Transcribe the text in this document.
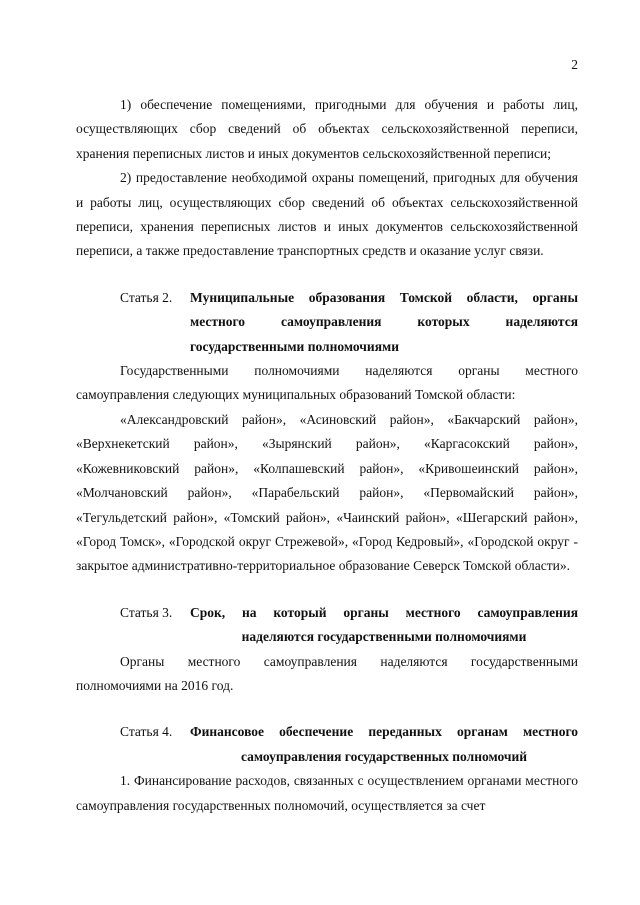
2

1) обеспечение помещениями, пригодными для обучения и работы лиц, осуществляющих сбор сведений об объектах сельскохозяйственной переписи, хранения переписных листов и иных документов сельскохозяйственной переписи;

2) предоставление необходимой охраны помещений, пригодных для обучения и работы лиц, осуществляющих сбор сведений об объектах сельскохозяйственной переписи, хранения переписных листов и иных документов сельскохозяйственной переписи, а также предоставление транспортных средств и оказание услуг связи.

Статья 2.	Муниципальные образования Томской области, органы местного самоуправления которых наделяются государственными полномочиями

Государственными полномочиями наделяются органы местного самоуправления следующих муниципальных образований Томской области:

«Александровский район», «Асиновский район», «Бакчарский район», «Верхнекетский район», «Зырянский район», «Каргасокский район», «Кожевниковский район», «Колпашевский район», «Кривошеинский район», «Молчановский район», «Парабельский район», «Первомайский район», «Тегульдетский район», «Томский район», «Чаинский район», «Шегарский район», «Город Томск», «Городской округ Стрежевой», «Город Кедровый», «Городской округ - закрытое административно-территориальное образование Северск Томской области».

Статья 3.	Срок, на который органы местного самоуправления наделяются государственными полномочиями

Органы местного самоуправления наделяются государственными полномочиями на 2016 год.

Статья 4.	Финансовое обеспечение переданных органам местного самоуправления государственных полномочий

1. Финансирование расходов, связанных с осуществлением органами местного самоуправления государственных полномочий, осуществляется за счет
